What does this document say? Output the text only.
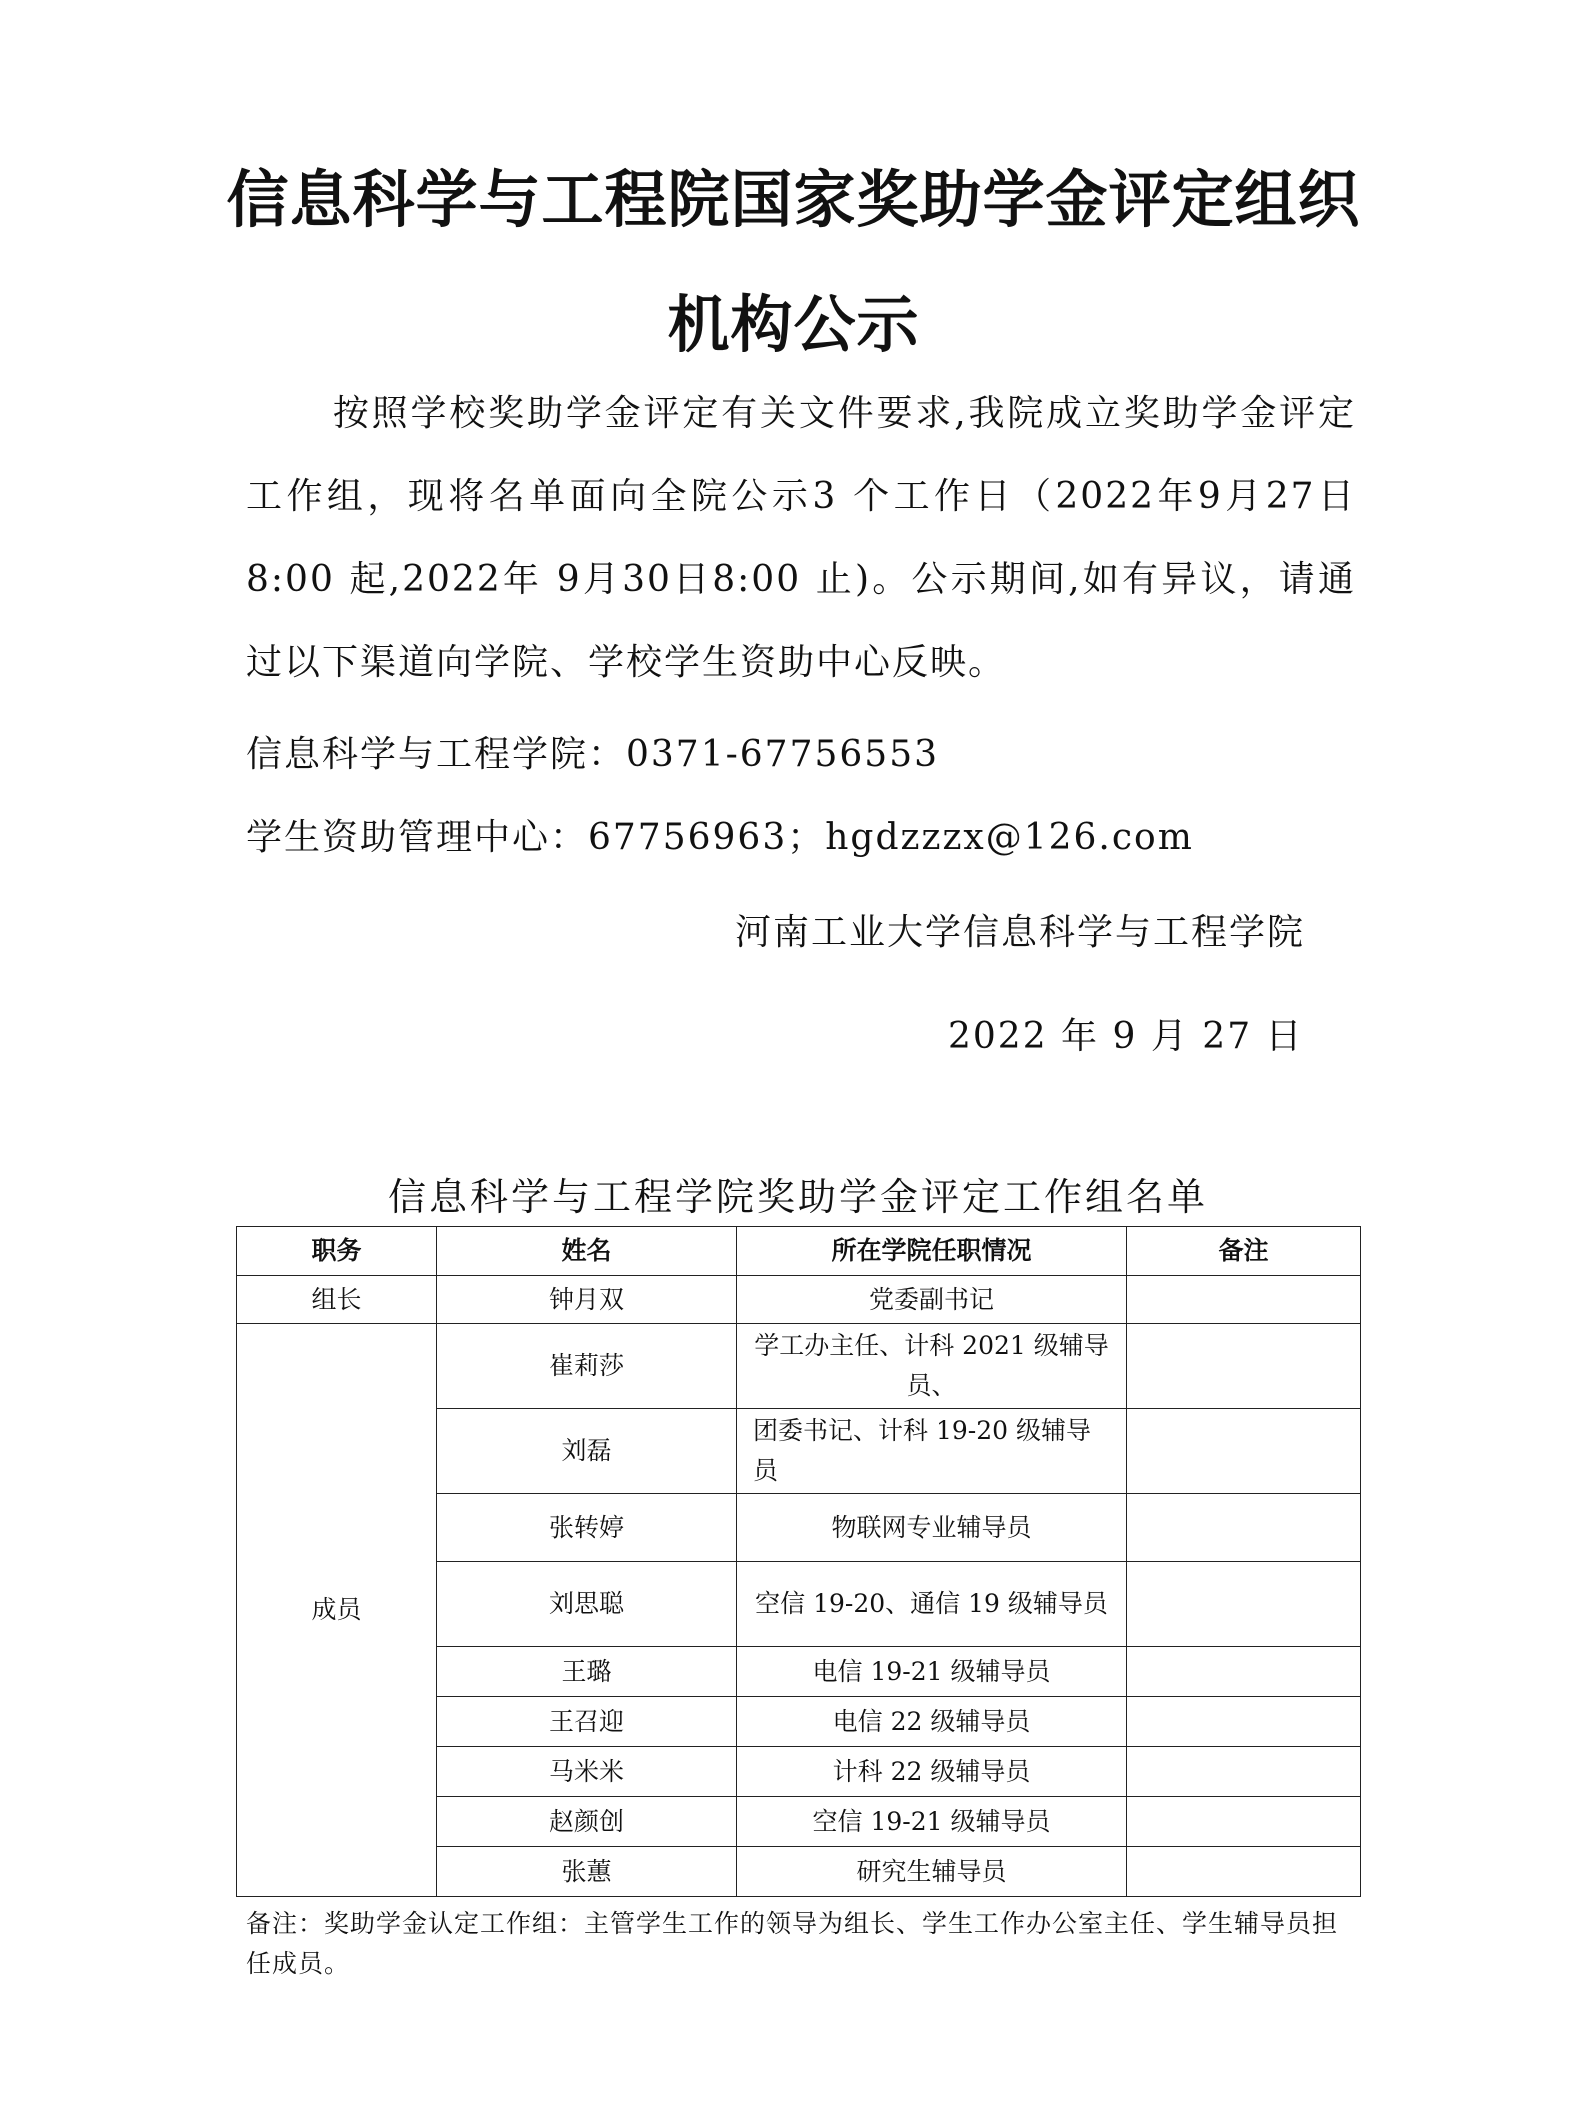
信息科学与工程院国家奖助学金评定组织
机构公示
按照学校奖助学金评定有关文件要求,我院成立奖助学金评定工作组，现将名单面向全院公示3 个工作日（2022年9月27日8:00 起,2022年 9月30日8:00 止)。公示期间,如有异议，请通过以下渠道向学院、学校学生资助中心反映。
信息科学与工程学院：0371-67756553
学生资助管理中心：67756963；hgdzzzx@126.com
河南工业大学信息科学与工程学院
2022 年 9 月 27 日
信息科学与工程学院奖助学金评定工作组名单
职务	姓名	所在学院任职情况	备注
组长	钟月双	党委副书记	
成员	崔莉莎	学工办主任、计科 2021 级辅导员、	
	刘磊	团委书记、计科 19-20 级辅导员	
	张转婷	物联网专业辅导员	
	刘思聪	空信 19-20、通信 19 级辅导员	
	王璐	电信 19-21 级辅导员	
	王召迎	电信 22 级辅导员	
	马米米	计科 22 级辅导员	
	赵颜创	空信 19-21 级辅导员	
	张蕙	研究生辅导员	
备注：奖助学金认定工作组：主管学生工作的领导为组长、学生工作办公室主任、学生辅导员担任成员。
